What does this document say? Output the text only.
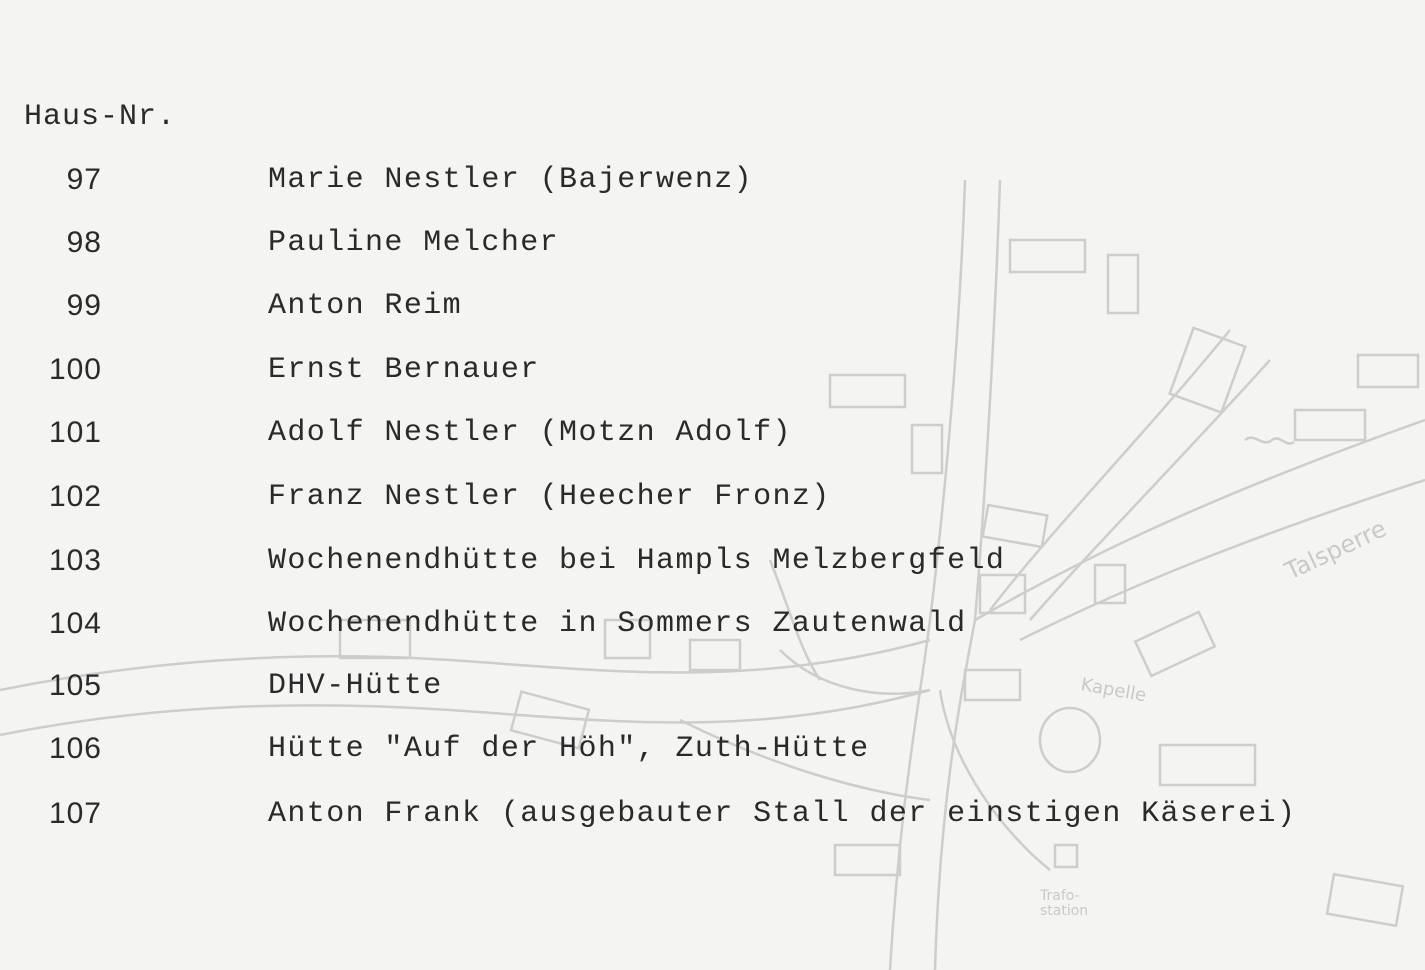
Kapelle
Talsperre
Trafo-
station
Haus-Nr.
97	Marie Nestler (Bajerwenz)
98	Pauline Melcher
99	Anton Reim
100	Ernst Bernauer
101	Adolf Nestler (Motzn Adolf)
102	Franz Nestler (Heecher Fronz)
103	Wochenendhütte bei Hampls Melzbergfeld
104	Wochenendhütte in Sommers Zautenwald
105	DHV-Hütte
106	Hütte "Auf der Höh", Zuth-Hütte
107	Anton Frank (ausgebauter Stall der einstigen Käserei)
